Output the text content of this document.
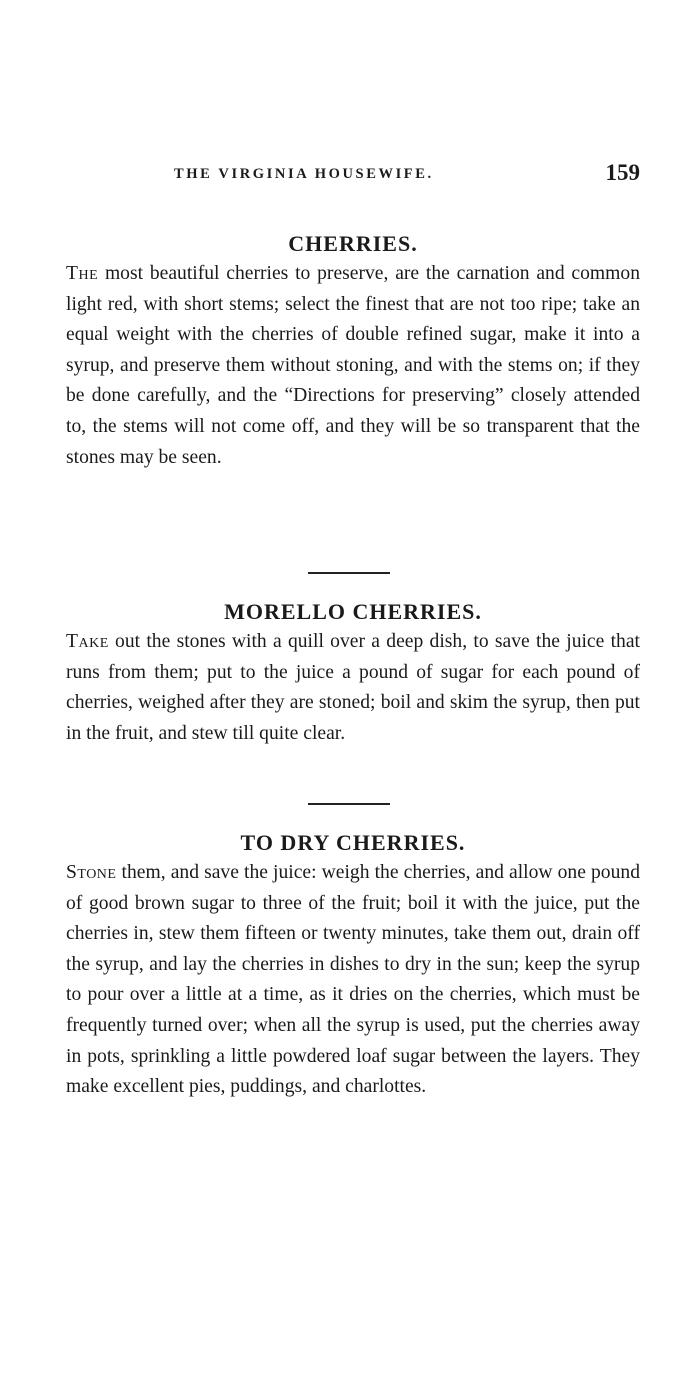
THE VIRGINIA HOUSEWIFE.	159
CHERRIES.

The most beautiful cherries to preserve, are the carnation and common light red, with short stems; select the finest that are not too ripe; take an equal weight with the cherries of double refined sugar, make it into a syrup, and preserve them without stoning, and with the stems on; if they be done carefully, and the “Directions for preserving” closely attended to, the stems will not come off, and they will be so transparent that the stones may be seen.

MORELLO CHERRIES.

Take out the stones with a quill over a deep dish, to save the juice that runs from them; put to the juice a pound of sugar for each pound of cherries, weighed after they are stoned; boil and skim the syrup, then put in the fruit, and stew till quite clear.

TO DRY CHERRIES.

Stone them, and save the juice: weigh the cherries, and allow one pound of good brown sugar to three of the fruit; boil it with the juice, put the cherries in, stew them fifteen or twenty minutes, take them out, drain off the syrup, and lay the cherries in dishes to dry in the sun; keep the syrup to pour over a little at a time, as it dries on the cherries, which must be frequently turned over; when all the syrup is used, put the cherries away in pots, sprinkling a little powdered loaf sugar between the layers. They make excellent pies, puddings, and charlottes.
